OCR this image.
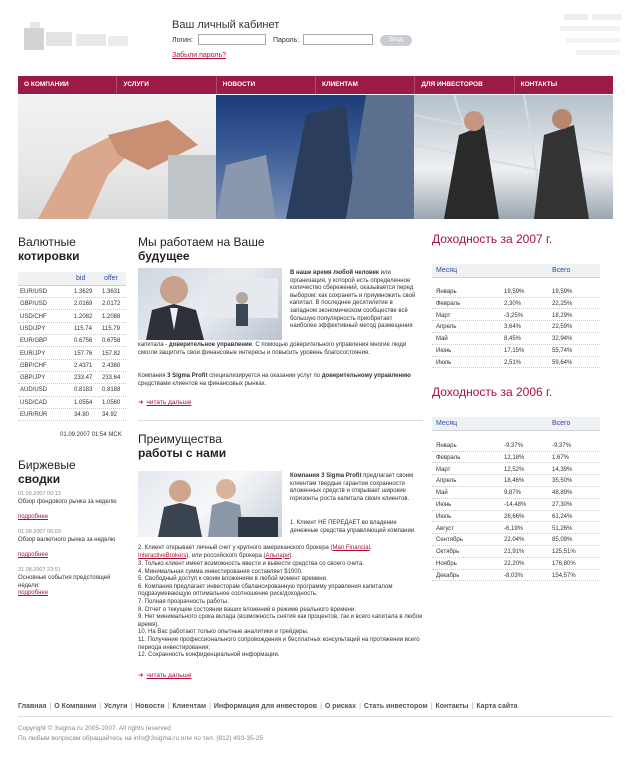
Ваш личный кабинет
Логин:	Пароль:	Вход
Забыли пароль?
О КОМПАНИИ	УСЛУГИ	НОВОСТИ	КЛИЕНТАМ	ДЛЯ ИНВЕСТОРОВ	КОНТАКТЫ
Валютные
котировки
bid	offer
EUR/USD	1.3629 1.3631
GBP/USD	2.0169 2.0172
USD/CHF	1.2082 1.2088
USD/JPY	115.74 115.79
EUR/GBP	0.6756 0.6758
EUR/JPY	157.76 157.82
GBP/CHF	2.4371 2.4380
GBP/JPY	233.47 233.64
AUD/USD	0.8183 0.8188
USD/CAD	1.0554 1.0560
EUR/RUR	34.80 34.92
01.09.2007 01:54 MCK
Биржевые
сводки
01.09.2007 00:13
Обзор фондового рынка за неделю
подробнее
01.09.2007 00:03
Обзор валютного рынка за неделю
подробнее
31.08.2007 23:51
Основные события предстоящей недели:
подробнее
Мы работаем на Ваше
будущее
В наше время любой человек или организация, у которой есть определенное количество сбережений, оказывается перед выбором: как сохранить и приумножить свой капитал. В последнее десятилетие в западном экономическом сообществе всё большую популярность приобретает наиболее эффективный метод размещения
капитала - доверительное управление. С помощью доверительного управления многие люди смогли защитить свои финансовые интересы и повысить уровень благосостояния.
Компания 3 Sigma Profit специализируется на оказании услуг по доверительному управлению средствами клиентов на финансовых рынках.
➜ читать дальше
Преимущества
работы с нами
Компания 3 Sigma Profit предлагает своим клиентам твердые гарантии сохранности вложенных средств и открывает широкие горизонты роста капитала своих клиентов.
1. Клиент НЕ ПЕРЕДАЕТ во владение денежные средства управляющей компании.
2. Клиент открывает личный счет у крупного американского брокера (Man Financial, InteractiveBrokers), или российского брокера (Альпари).
3. Только клиент имеет возможность ввести и вывести средства со своего счета.
4. Минимальная сумма инвестирования составляет $1000.
5. Свободный доступ к своим вложениям в любой момент времени.
6. Компания предлагает инвесторам сбалансированную программу управления капиталом подразумевающую оптимальное соотношение риск/доходность.
7. Полная прозрачность работы.
8. Отчет о текущем состоянии ваших вложений в режиме реального времени.
9. Нет минимального срока вклада (возможность снятия как процентов, так и всего капитала в любое время).
10. На Вас работают только опытные аналитики и трейдеры.
11. Получение профессионального сопровождения и бесплатных консультаций на протяжении всего периода инвестирования;
12. Сохранность конфиденциальной информации.
➜ читать дальше
Доходность за 2007 г.
Месяц	Всего
Январь	19,59%	19,59%
Февраль	2,30%	22,25%
Март	-3,25%	18,29%
Апрель	3,64%	22,59%
Май	8,45%	32,94%
Июнь	17,15%	55,74%
Июль	2,51%	59,64%
Доходность за 2006 г.
Месяц	Всего
Январь	-9,37%	-9,37%
Февраль	12,18%	1,67%
Март	12,52%	14,39%
Апрель	18,46%	35,50%
Май	9,87%	48,89%
Июнь	-14,48%	27,30%
Июль	26,66%	61,24%
Август	-6,19%	51,26%
Сентябрь	22,04%	85,09%
Октябрь	21,91%	125,51%
Ноябрь	22,20%	176,80%
Декабрь	-8,03%	154,57%
Главная | О Компании | Услуги | Новости | Клиентам | Информация для инвесторов | О рисках | Стать инвестором | Контакты | Карта сайта
Copyright © 3sigma.ru 2005-2007. All rights reserved
По любым вопросам обращайтесь на info@3sigma.ru или по тел. (812) 493-35-25
